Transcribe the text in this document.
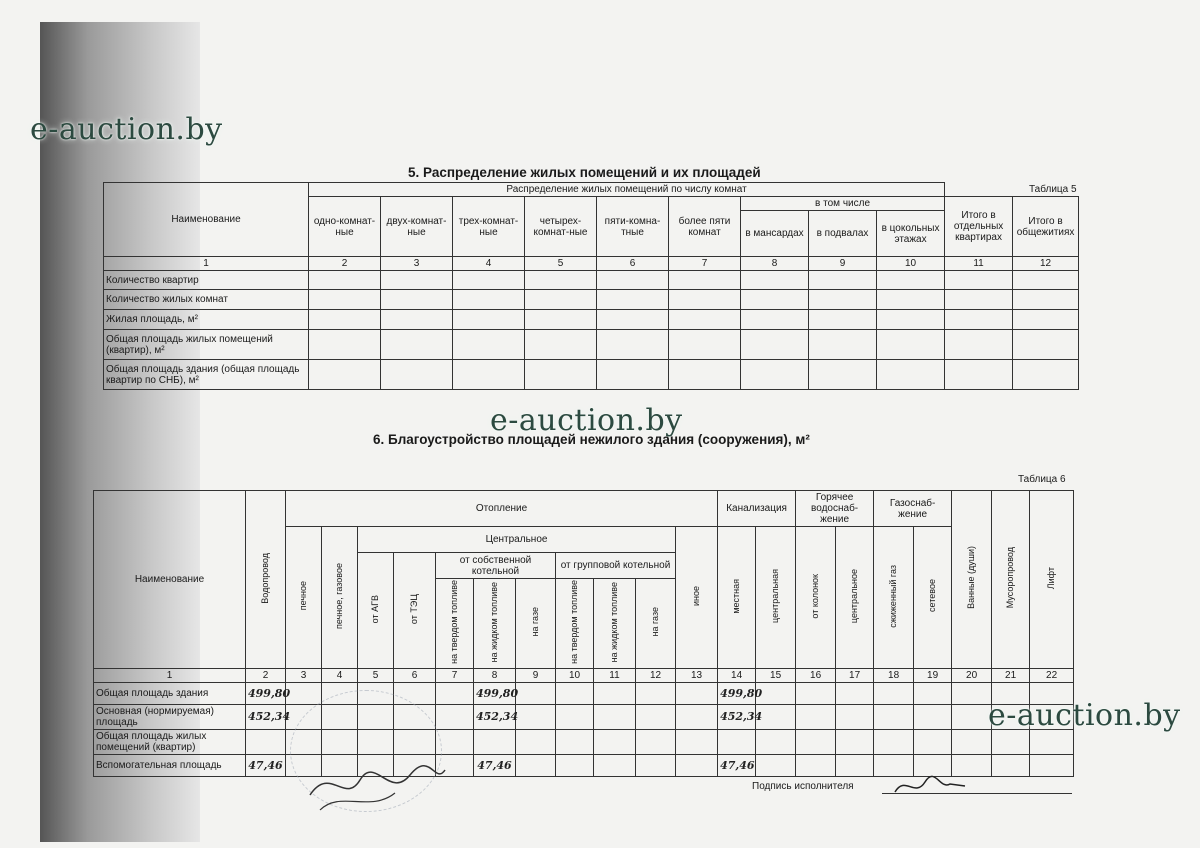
e-auction.by
5. Распределение жилых помещений и их площадей
Наименование	Распределение жилых помещений по числу комнат									Таблица 5	
	одно-комнат-ные	двух-комнат-ные	трех-комнат-ные	четырех-комнат-ные	пяти-комна-тные	более пяти комнат	в том числе			Итого в отдельных квартирах	Итого в общежитиях
							в мансардах	в подвалах	в цокольных этажах		
1	2	3	4	5	6	7	8	9	10	11	12
Количество квартир											
Количество жилых комнат											
Жилая площадь, м²											
Общая площадь жилых помещений (квартир), м²											
Общая площадь здания (общая площадь квартир по СНБ), м²											
e-auction.by
6. Благоустройство площадей нежилого здания (сооружения), м²
Таблица 6
Наименование	Водопровод	Отопление											Канализация		Горячее водоснаб-жение		Газоснаб-жение		Ванные (души)	Мусоропровод	Лифт
		печное	печное, газовое	Центральное								иное	местная	центральная	от колонок	центральное	сжиженный газ	сетевое			
				от АГВ	от ТЭЦ	от собственной котельной			от групповой котельной												
						на твердом топливе	на жидком топливе	на газе	на твердом топливе	на жидком топливе	на газе										
1	2	3	4	5	6	7	8	9	10	11	12	13	14	15	16	17	18	19	20	21	22
Общая площадь здания	499,80						499,80						499,80								
Основная (нормируемая) площадь	452,34						452,34						452,34								
Общая площадь жилых помещений (квартир)																					
Вспомогательная площадь	47,46						47,46						47,46								
e-auction.by
Подпись исполнителя
